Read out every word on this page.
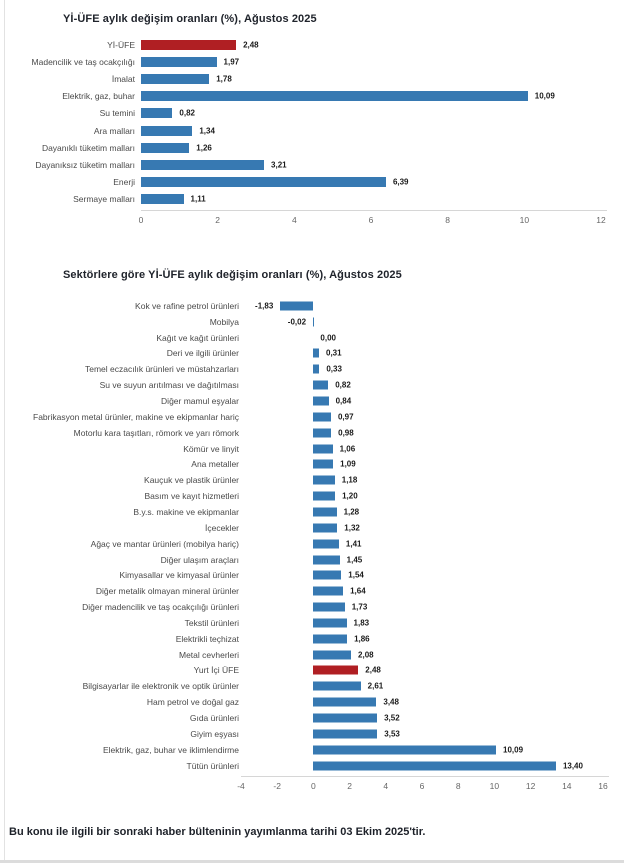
Yİ-ÜFE aylık değişim oranları (%), Ağustos 2025
Yİ-ÜFE	2,48
Madencilik ve taş ocakçılığı	1,97
İmalat	1,78
Elektrik, gaz, buhar	10,09
Su temini	0,82
Ara malları	1,34
Dayanıklı tüketim malları	1,26
Dayanıksız tüketim malları	3,21
Enerji	6,39
Sermaye malları	1,11
0	2	4	6	8	10	12
Sektörlere göre Yİ-ÜFE aylık değişim oranları (%), Ağustos 2025
Kok ve rafine petrol ürünleri -1,83
Mobilya	-0,02
Kağıt ve kağıt ürünleri	0,00
Deri ve ilgili ürünler	0,31
Temel eczacılık ürünleri ve müstahzarları	0,33
Su ve suyun arıtılması ve dağıtılması	0,82
Diğer mamul eşyalar	0,84
Fabrikasyon metal ürünler, makine ve ekipmanlar hariç	0,97
Motorlu kara taşıtları, römork ve yarı römork	0,98
Kömür ve linyit	1,06
Ana metaller	1,09
Kauçuk ve plastik ürünler	1,18
Basım ve kayıt hizmetleri	1,20
B.y.s. makine ve ekipmanlar	1,28
İçecekler	1,32
Ağaç ve mantar ürünleri (mobilya hariç)	1,41
Diğer ulaşım araçları	1,45
Kimyasallar ve kimyasal ürünler	1,54
Diğer metalik olmayan mineral ürünler	1,64
Diğer madencilik ve taş ocakçılığı ürünleri	1,73
Tekstil ürünleri	1,83
Elektrikli teçhizat	1,86
Metal cevherleri	2,08
Yurt İçi ÜFE	2,48
Bilgisayarlar ile elektronik ve optik ürünler	2,61
Ham petrol ve doğal gaz	3,48
Gıda ürünleri	3,52
Giyim eşyası	3,53
Elektrik, gaz, buhar ve iklimlendirme	10,09
Tütün ürünleri	13,40
-4	-2	0	2	4	6	8	10	12	14	16
Bu konu ile ilgili bir sonraki haber bülteninin yayımlanma tarihi 03 Ekim 2025'tir.
